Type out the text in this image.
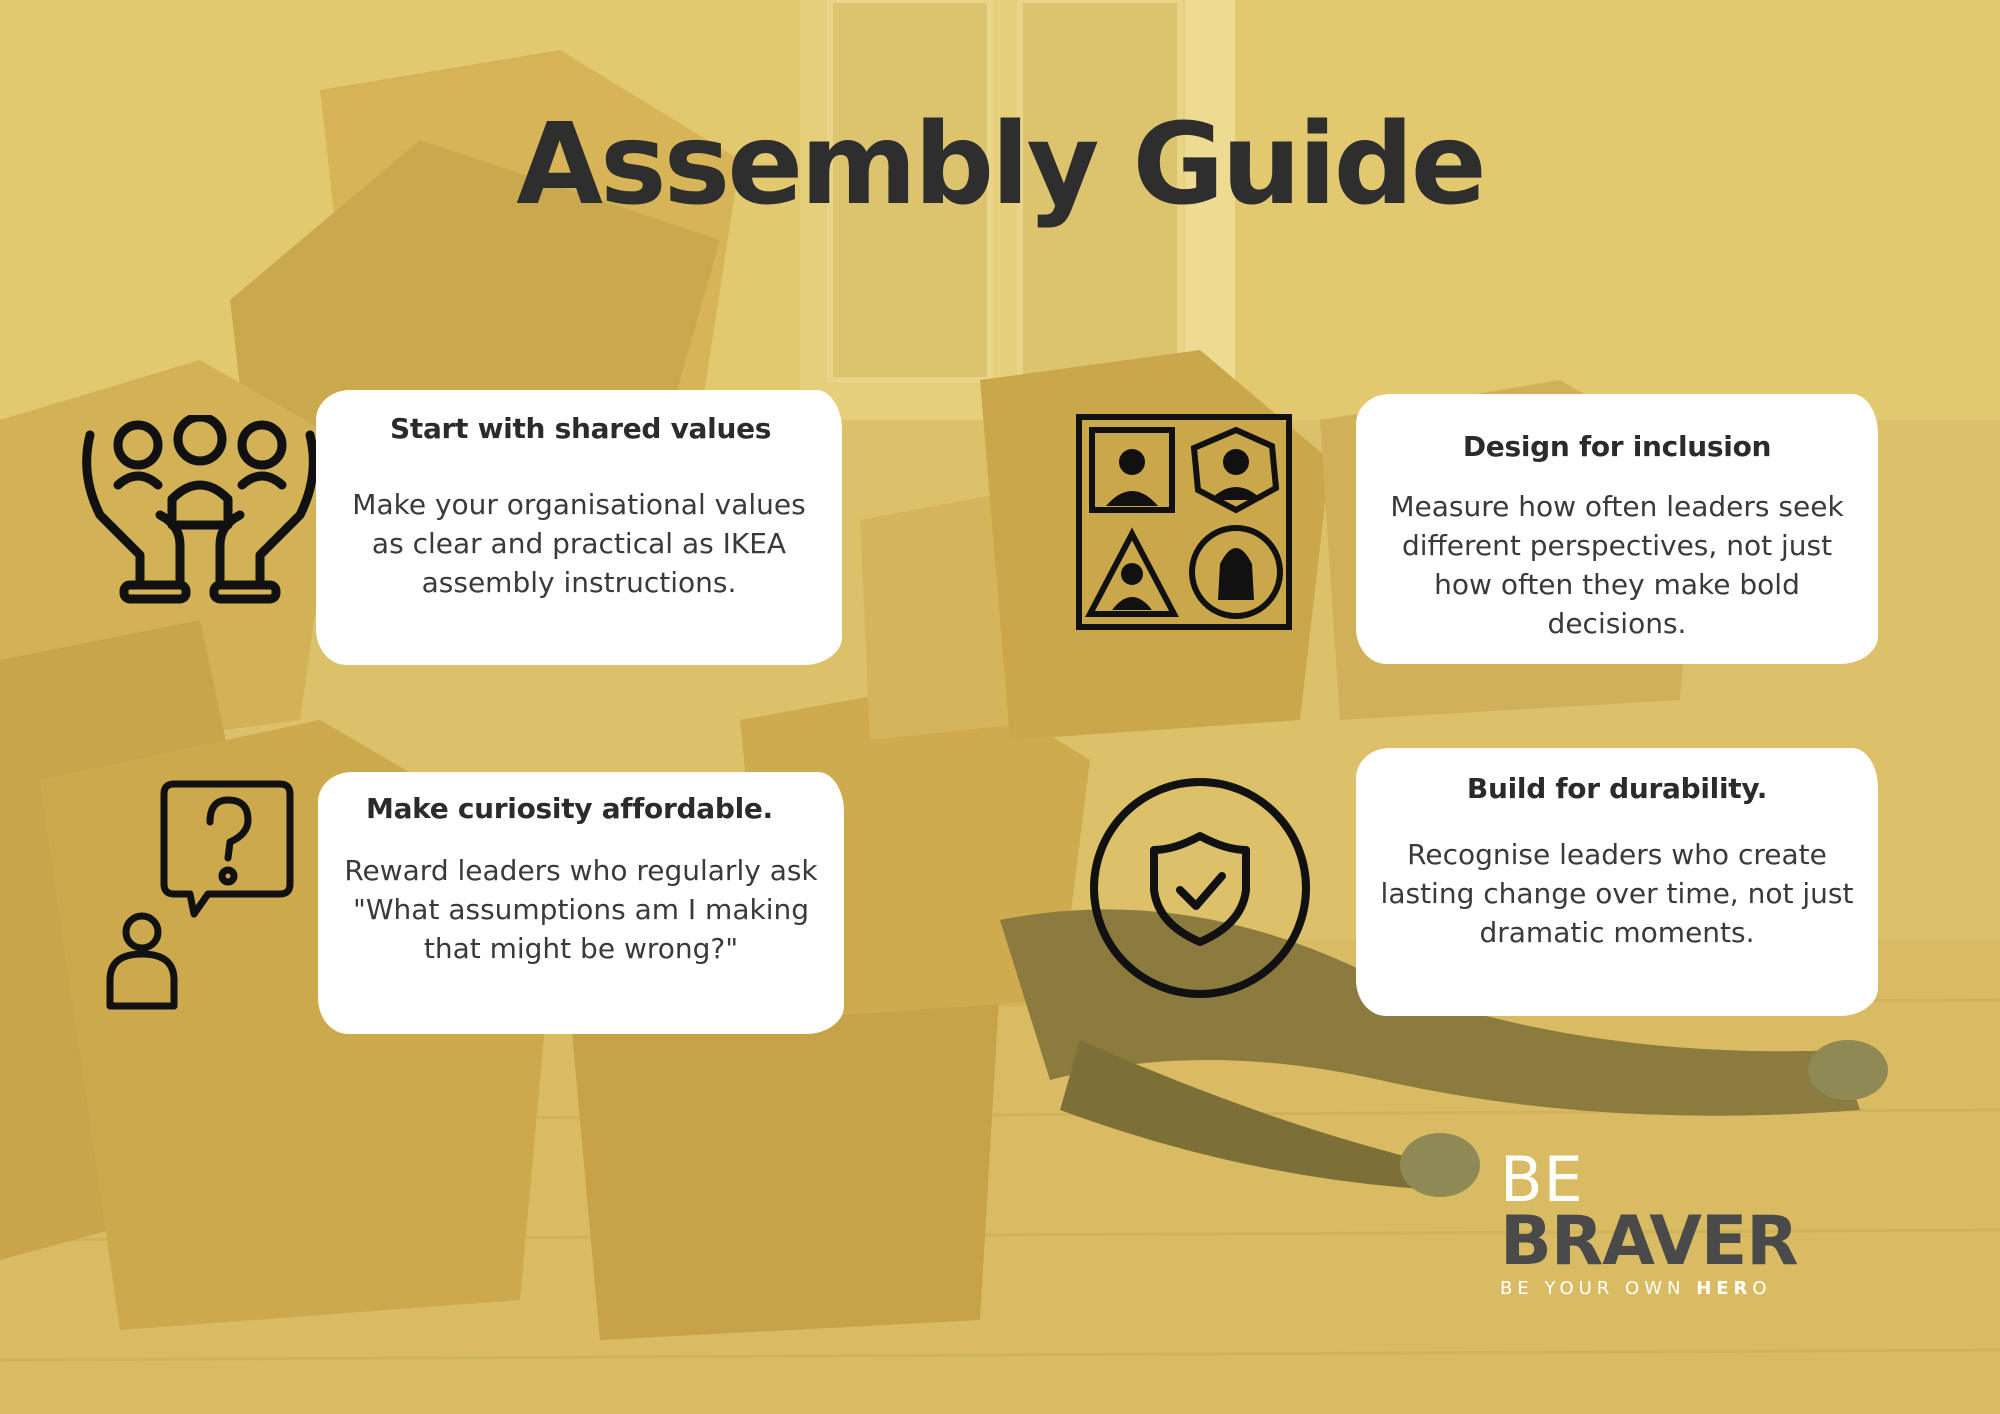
Assembly Guide
Start with shared values

Make your organisational values as clear and practical as IKEA assembly instructions.

Design for inclusion

Measure how often leaders seek different perspectives, not just how often they make bold decisions.

Make curiosity affordable.

Reward leaders who regularly ask "What assumptions am I making that might be wrong?"

Build for durability.

Recognise leaders who create lasting change over time, not just dramatic moments.

BE
BRAVER
BE YOUR OWN HERO
